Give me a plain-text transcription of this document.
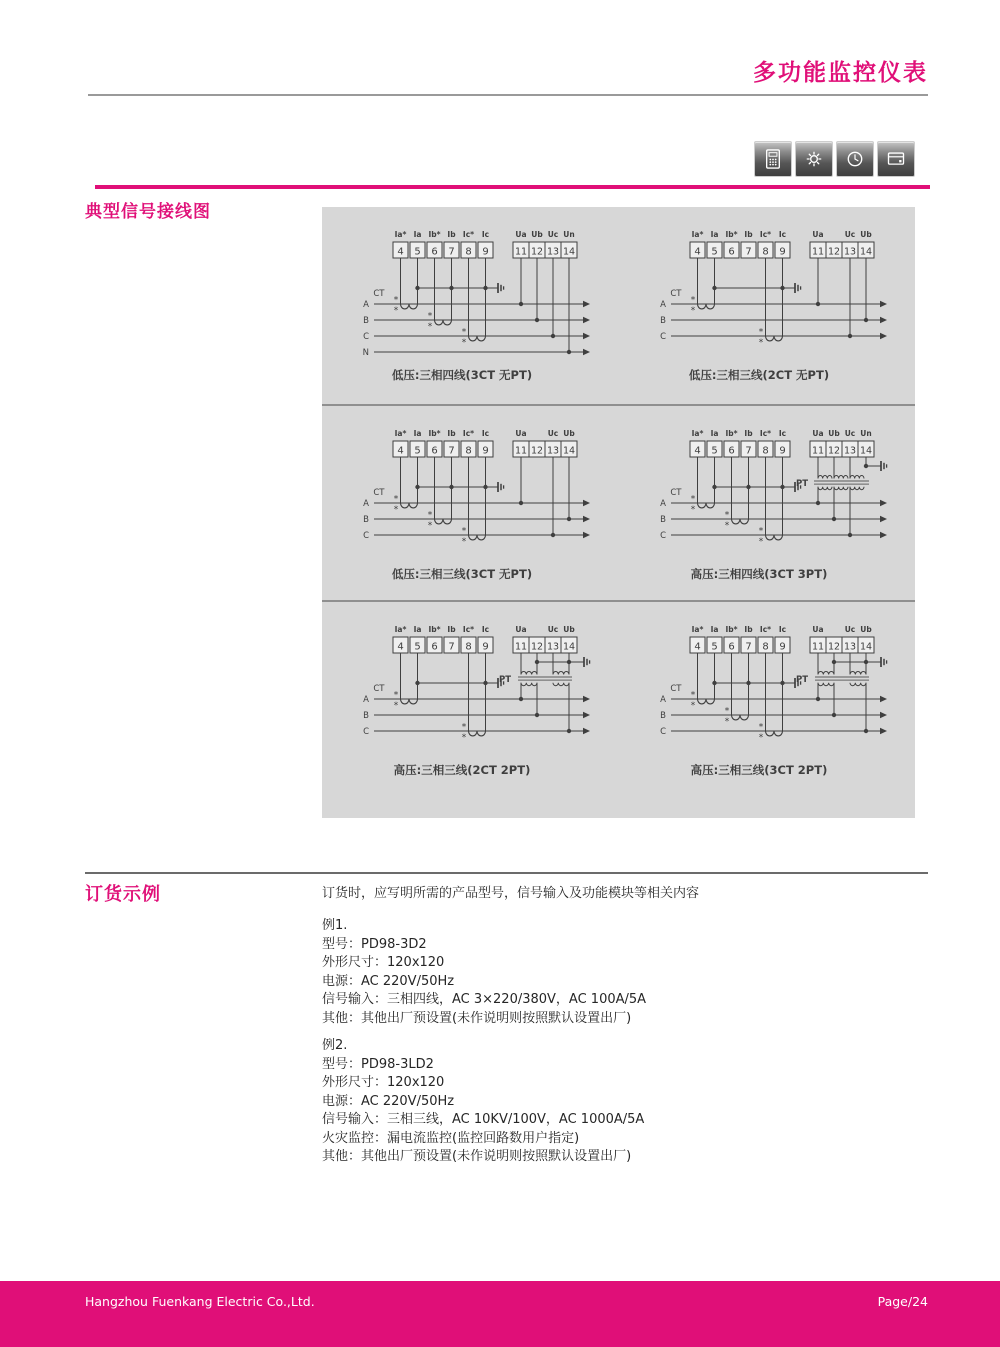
多功能监控仪表
典型信号接线图
4
Ia*
5
Ia
6
Ib*
7
Ib
8
Ic*
9
Ic
11
Ua
12
Ub
13
Uc
14
Un
A
B
C
N
*
*
CT
*
*
*
*
低压:三相四线(3CT 无PT)
4
Ia*
5
Ia
6
Ib*
7
Ib
8
Ic*
9
Ic
11
Ua
12 13
Uc
14
Ub
A
B
C
*
*
CT
*
*
低压:三相三线(2CT 无PT)
4
Ia*
5
Ia
6
Ib*
7
Ib
8
Ic*
9
Ic
11
Ua
12 13
Uc
14
Ub
A
B
C
*
*
CT
*
*
*
*
低压:三相三线(3CT 无PT)
4
Ia*
5
Ia
6
Ib*
7
Ib
8
Ic*
9
Ic
11
Ua
12
Ub
13
Uc
14
Un
A
B
C
*
*
CT
*
*
*
*
PT
高压:三相四线(3CT 3PT)
4
Ia*
5
Ia
6
Ib*
7
Ib
8
Ic*
9
Ic
11
Ua
12 13
Uc
14
Ub
A
B
C
*
*
CT
*
*
PT
高压:三相三线(2CT 2PT)
4
Ia*
5
Ia
6
Ib*
7
Ib
8
Ic*
9
Ic
11
Ua
12 13
Uc
14
Ub
A
B
C
*
*
CT
*
*
*
*
PT
高压:三相三线(3CT 2PT)
订货示例	订货时，应写明所需的产品型号，信号输入及功能模块等相关内容
例1.
型号：PD98-3D2
外形尺寸：120x120
电源：AC 220V/50Hz
信号输入：三相四线，AC 3×220/380V，AC 100A/5A
其他：其他出厂预设置(未作说明则按照默认设置出厂)
例2.
型号：PD98-3LD2
外形尺寸：120x120
电源：AC 220V/50Hz
信号输入：三相三线，AC 10KV/100V，AC 1000A/5A
火灾监控：漏电流监控(监控回路数用户指定)
其他：其他出厂预设置(未作说明则按照默认设置出厂)
Hangzhou Fuenkang Electric Co.,Ltd.	Page/24
